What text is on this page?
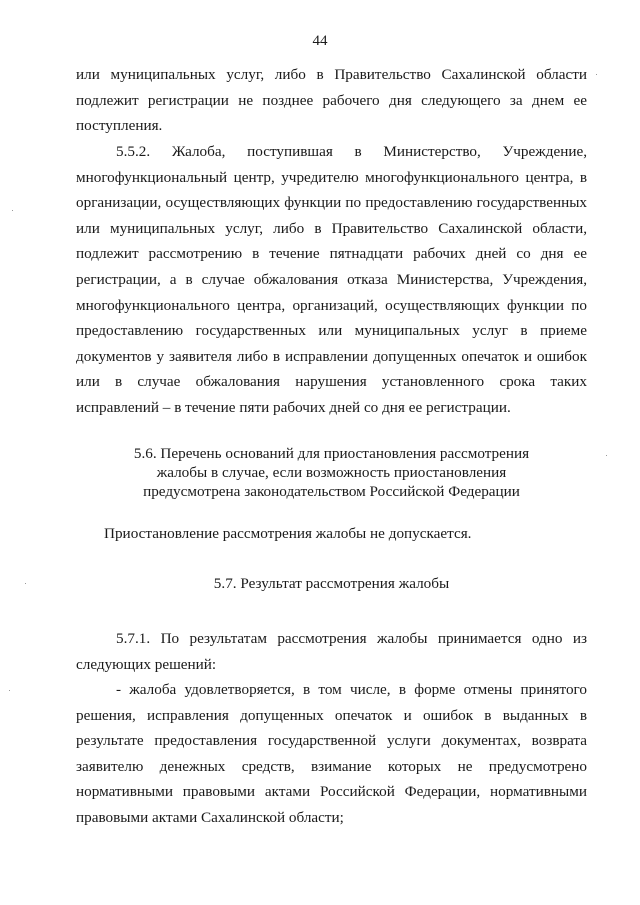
44

или муниципальных услуг, либо в Правительство Сахалинской области подлежит регистрации не позднее рабочего дня следующего за днем ее поступления.

5.5.2. Жалоба, поступившая в Министерство, Учреждение, многофункциональный центр, учредителю многофункционального центра, в организации, осуществляющих функции по предоставлению государственных или муниципальных услуг, либо в Правительство Сахалинской области, подлежит рассмотрению в течение пятнадцати рабочих дней со дня ее регистрации, а в случае обжалования отказа Министерства, Учреждения, многофункционального центра, организаций, осуществляющих функции по предоставлению государственных или муниципальных услуг в приеме документов у заявителя либо в исправлении допущенных опечаток и ошибок или в случае обжалования нарушения установленного срока таких исправлений – в течение пяти рабочих дней со дня ее регистрации.

5.6. Перечень оснований для приостановления рассмотрения
жалобы в случае, если возможность приостановления
предусмотрена законодательством Российской Федерации

Приостановление рассмотрения жалобы не допускается.

5.7. Результат рассмотрения жалобы

5.7.1. По результатам рассмотрения жалобы принимается одно из следующих решений:

- жалоба удовлетворяется, в том числе, в форме отмены принятого решения, исправления допущенных опечаток и ошибок в выданных в результате предоставления государственной услуги документах, возврата заявителю денежных средств, взимание которых не предусмотрено нормативными правовыми актами Российской Федерации, нормативными правовыми актами Сахалинской области;
